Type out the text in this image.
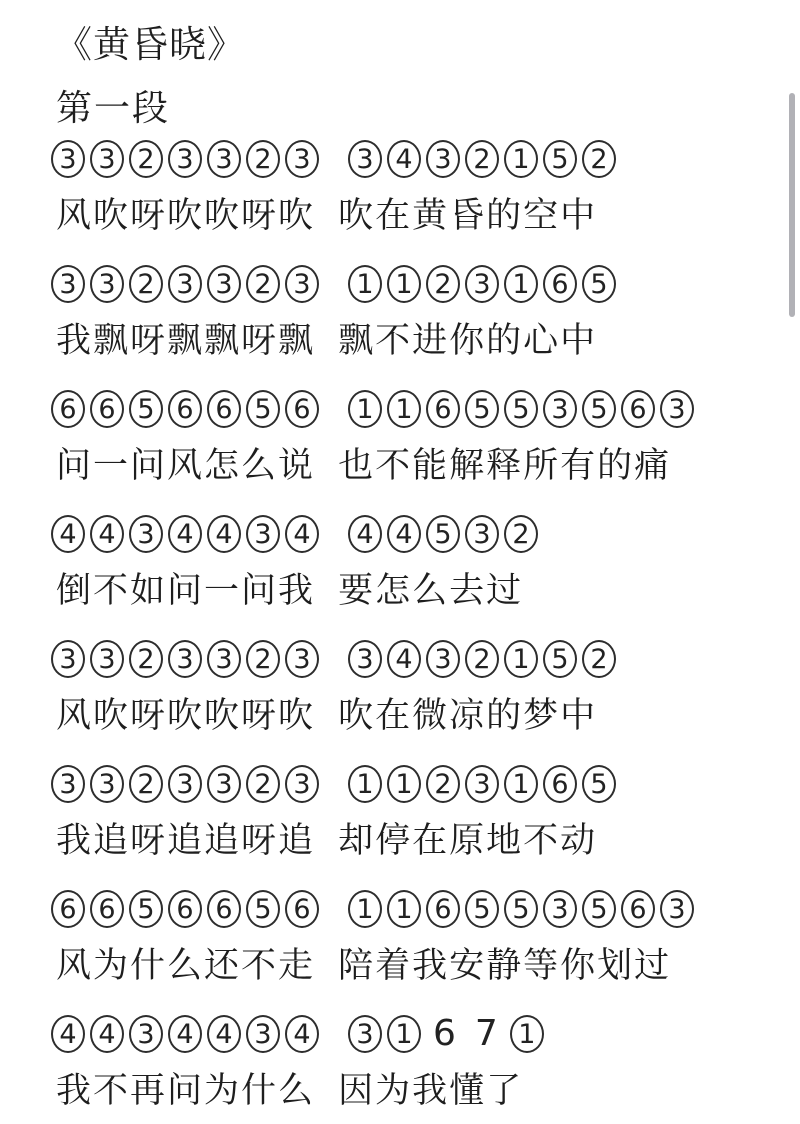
《黄昏晓》
第一段
3 3 2 3 3 2 3	3 4 3 2 1 5 2
风吹呀吹吹呀吹 吹在黄昏的空中
3 3 2 3 3 2 3	1 1 2 3 1 6 5
我飘呀飘飘呀飘 飘不进你的心中
6 6 5 6 6 5 6	1 1 6 5 5 3 5 6 3
问一问风怎么说 也不能解释所有的痛
4 4 3 4 4 3 4	4 4 5 3 2
倒不如问一问我 要怎么去过
3 3 2 3 3 2 3	3 4 3 2 1 5 2
风吹呀吹吹呀吹 吹在微凉的梦中
3 3 2 3 3 2 3	1 1 2 3 1 6 5
我追呀追追呀追 却停在原地不动
6 6 5 6 6 5 6	1 1 6 5 5 3 5 6 3
风为什么还不走 陪着我安静等你划过
4 4 3 4 4 3 4	3 1 6 7 1
我不再问为什么 因为我懂了
